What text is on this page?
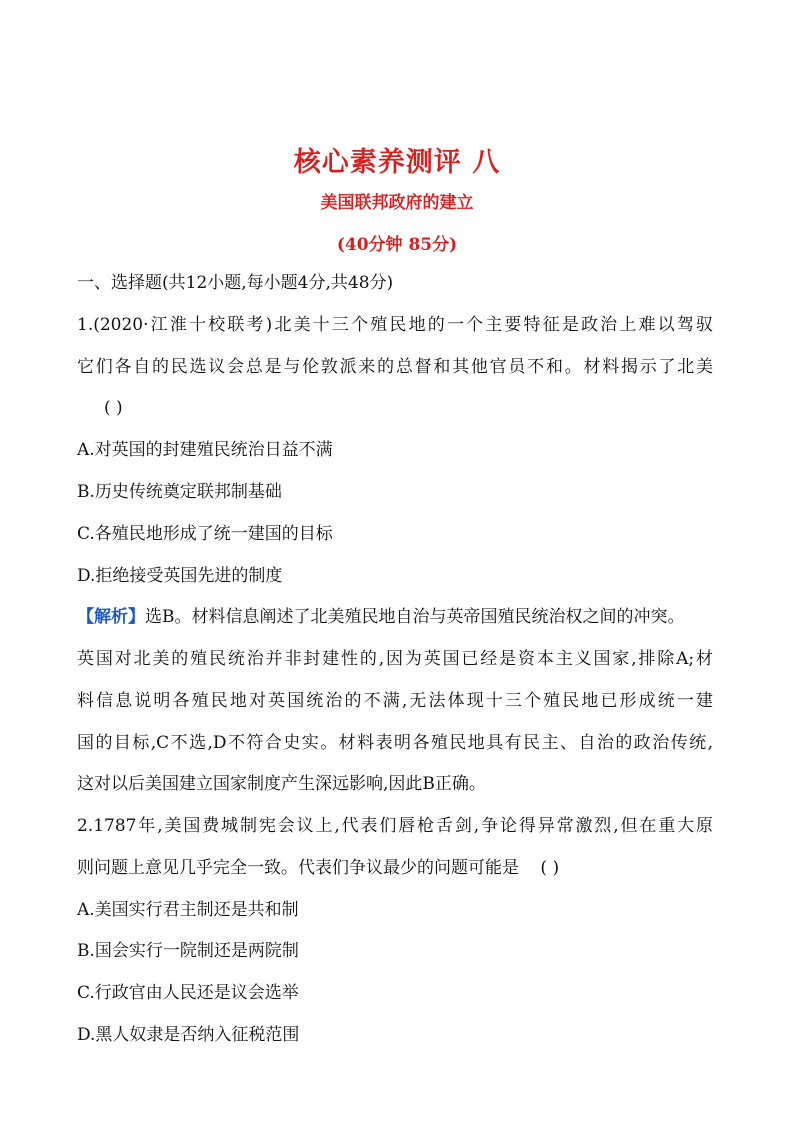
核心素养测评 八
美国联邦政府的建立
(40分钟 85分)
一、选择题(共12小题,每小题4分,共48分)
1.(2020·江淮十校联考)北美十三个殖民地的一个主要特征是政治上难以驾驭
它们各自的民选议会总是与伦敦派来的总督和其他官员不和。材料揭示了北美
( )
A.对英国的封建殖民统治日益不满
B.历史传统奠定联邦制基础
C.各殖民地形成了统一建国的目标
D.拒绝接受英国先进的制度
【解析】选B。材料信息阐述了北美殖民地自治与英帝国殖民统治权之间的冲突。
英国对北美的殖民统治并非封建性的,因为英国已经是资本主义国家,排除A;材
料信息说明各殖民地对英国统治的不满,无法体现十三个殖民地已形成统一建
国的目标,C不选,D不符合史实。材料表明各殖民地具有民主、自治的政治传统,
这对以后美国建立国家制度产生深远影响,因此B正确。
2.1787年,美国费城制宪会议上,代表们唇枪舌剑,争论得异常激烈,但在重大原
则问题上意见几乎完全一致。代表们争议最少的问题可能是 ( )
A.美国实行君主制还是共和制
B.国会实行一院制还是两院制
C.行政官由人民还是议会选举
D.黑人奴隶是否纳入征税范围
